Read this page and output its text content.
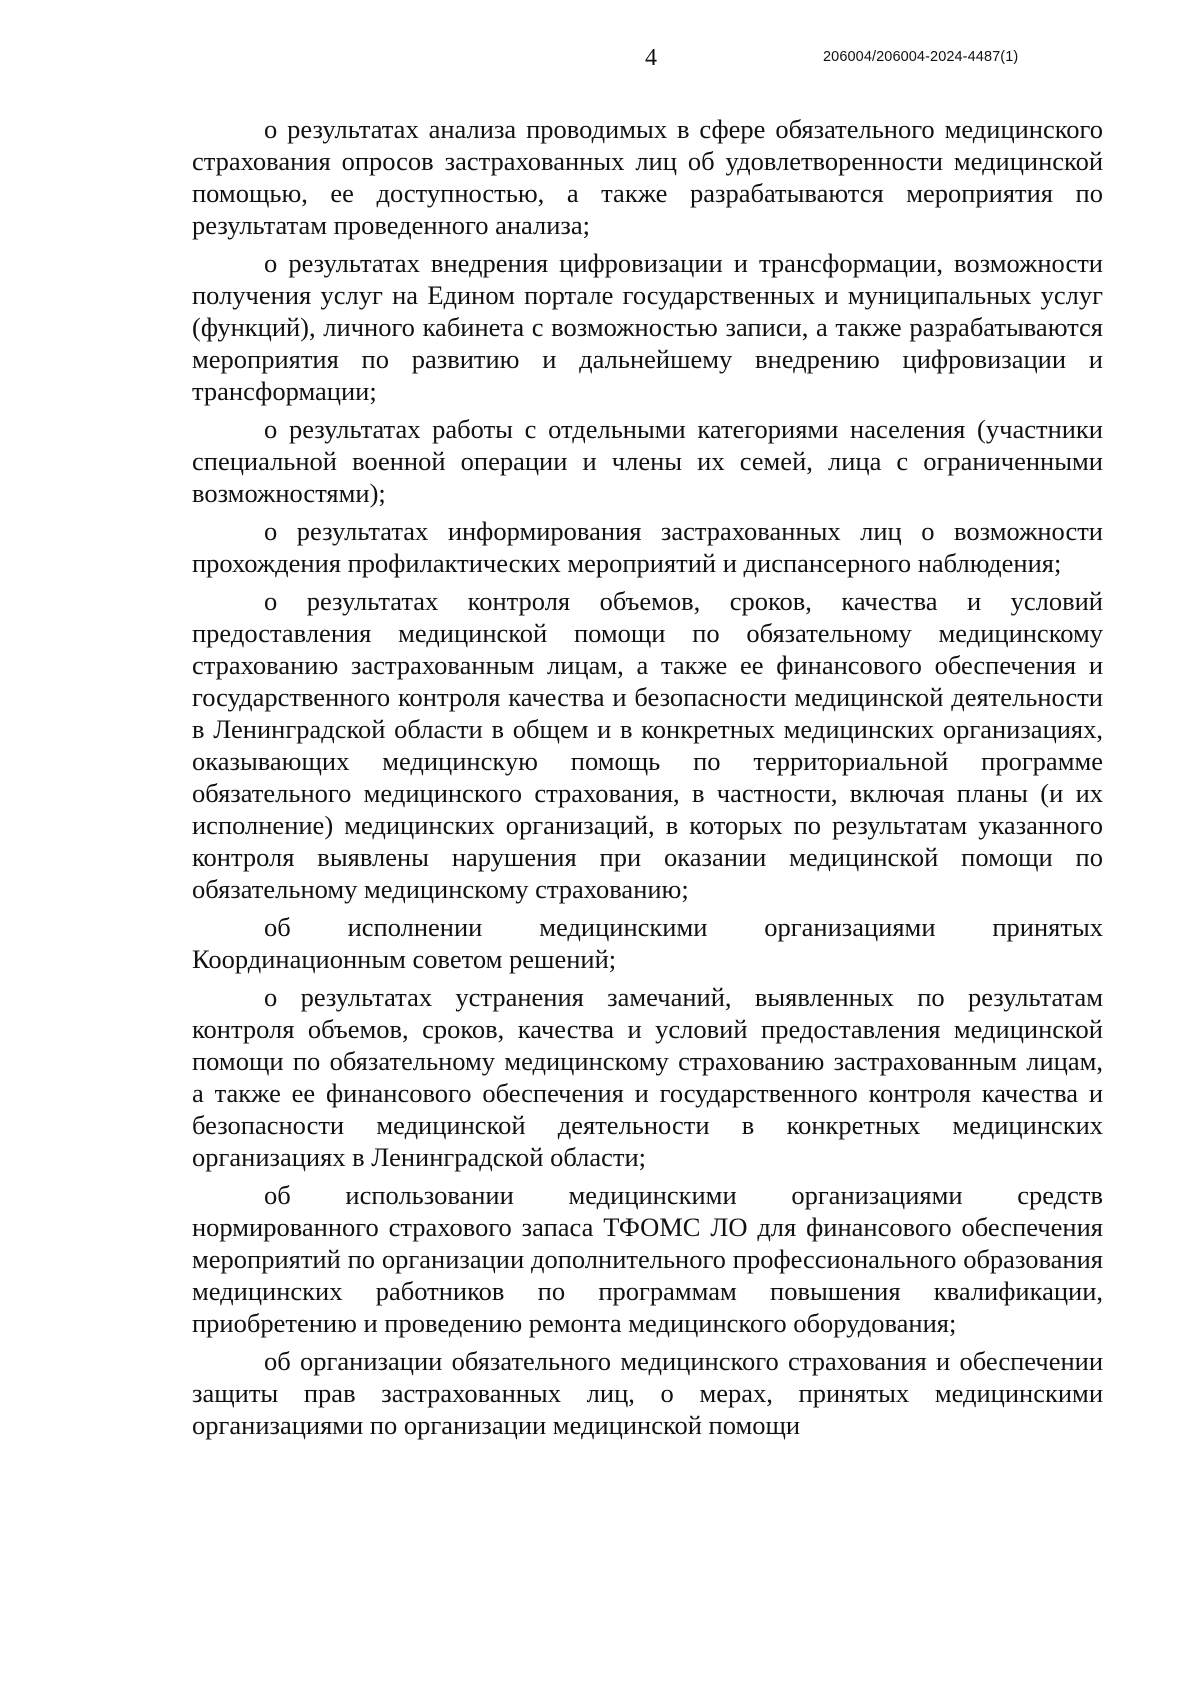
4	206004/206004-2024-4487(1)

о результатах анализа проводимых в сфере обязательного медицинского страхования опросов застрахованных лиц об удовлетворенности медицинской помощью, ее доступностью, а также разрабатываются мероприятия по результатам проведенного анализа;

о результатах внедрения цифровизации и трансформации, возможности получения услуг на Едином портале государственных и муниципальных услуг (функций), личного кабинета с возможностью записи, а также разрабатываются мероприятия по развитию и дальнейшему внедрению цифровизации и трансформации;

о результатах работы с отдельными категориями населения (участники специальной военной операции и члены их семей, лица с ограниченными возможностями);

о результатах информирования застрахованных лиц о возможности прохождения профилактических мероприятий и диспансерного наблюдения;

о результатах контроля объемов, сроков, качества и условий предоставления медицинской помощи по обязательному медицинскому страхованию застрахованным лицам, а также ее финансового обеспечения и государственного контроля качества и безопасности медицинской деятельности в Ленинградской области в общем и в конкретных медицинских организациях, оказывающих медицинскую помощь по территориальной программе обязательного медицинского страхования, в частности, включая планы (и их исполнение) медицинских организаций, в которых по результатам указанного контроля выявлены нарушения при оказании медицинской помощи по обязательному медицинскому страхованию;

об исполнении медицинскими организациями принятых Координационным советом решений;

о результатах устранения замечаний, выявленных по результатам контроля объемов, сроков, качества и условий предоставления медицинской помощи по обязательному медицинскому страхованию застрахованным лицам, а также ее финансового обеспечения и государственного контроля качества и безопасности медицинской деятельности в конкретных медицинских организациях в Ленинградской области;

об использовании медицинскими организациями средств нормированного страхового запаса ТФОМС ЛО для финансового обеспечения мероприятий по организации дополнительного профессионального образования медицинских работников по программам повышения квалификации, приобретению и проведению ремонта медицинского оборудования;

об организации обязательного медицинского страхования и обеспечении защиты прав застрахованных лиц, о мерах, принятых медицинскими организациями по организации медицинской помощи
